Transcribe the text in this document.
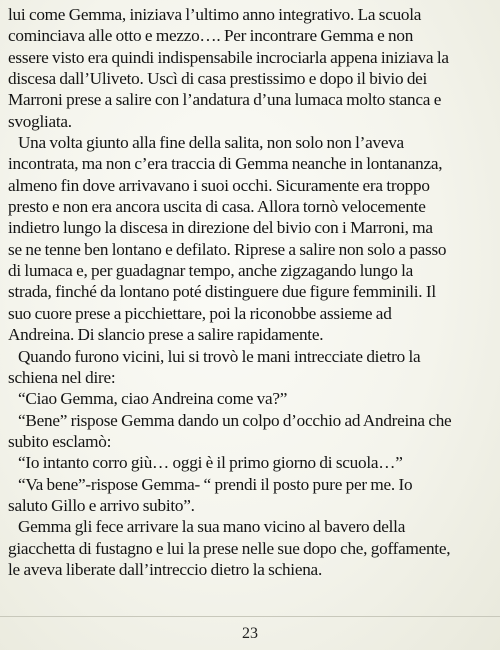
lui come Gemma, iniziava l’ultimo anno integrativo. La scuola
cominciava alle otto e mezzo…. Per incontrare Gemma e non
essere visto era quindi indispensabile incrociarla appena iniziava la
discesa dall’Uliveto. Uscì di casa prestissimo e dopo il bivio dei
Marroni prese a salire con l’andatura d’una lumaca molto stanca e
svogliata.
Una volta giunto alla fine della salita, non solo non l’aveva
incontrata, ma non c’era traccia di Gemma neanche in lontananza,
almeno fin dove arrivavano i suoi occhi. Sicuramente era troppo
presto e non era ancora uscita di casa. Allora tornò velocemente
indietro lungo la discesa in direzione del bivio con i Marroni, ma
se ne tenne ben lontano e defilato. Riprese a salire non solo a passo
di lumaca e, per guadagnar tempo, anche zigzagando lungo la
strada, finché da lontano poté distinguere due figure femminili. Il
suo cuore prese a picchiettare, poi la riconobbe assieme ad
Andreina. Di slancio prese a salire rapidamente.
Quando furono vicini, lui si trovò le mani intrecciate dietro la
schiena nel dire:
“Ciao Gemma, ciao Andreina come va?”
“Bene” rispose Gemma dando un colpo d’occhio ad Andreina che
subito esclamò:
“Io intanto corro giù… oggi è il primo giorno di scuola…”
“Va bene”-rispose Gemma- “ prendi il posto pure per me. Io
saluto Gillo e arrivo subito”.
Gemma gli fece arrivare la sua mano vicino al bavero della
giacchetta di fustagno e lui la prese nelle sue dopo che, goffamente,
le aveva liberate dall’intreccio dietro la schiena.
23
